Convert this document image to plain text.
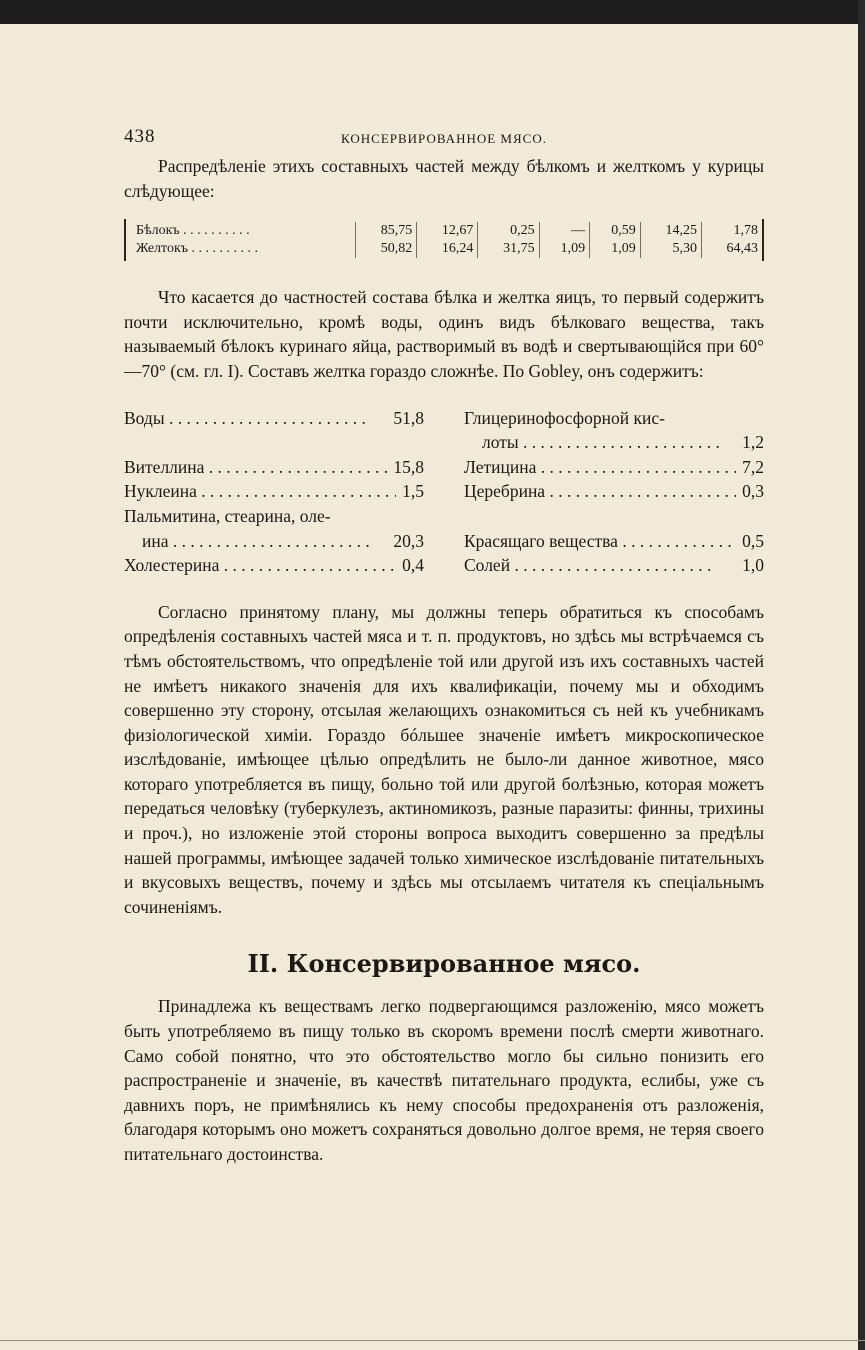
438	КОНСЕРВИРОВАННОЕ МЯСО.

Распредѣленіе этихъ составныхъ частей между бѣлкомъ и желткомъ у курицы слѣдующее:

Бѣлокъ . . .	85,75	12,67	0,25	—	0,59	14,25	1,78
Желтокъ . . .	50,82	16,24	31,75	1,09	1,09	5,30	64,43

Что касается до частностей состава бѣлка и желтка яицъ, то первый содержитъ почти исключительно, кромѣ воды, одинъ видъ бѣлковаго вещества, такъ называемый бѣлокъ куринаго яйца, растворимый въ водѣ и свертывающійся при 60°—70° (см. гл. I). Составъ желтка гораздо сложнѣе. По Gobley, онъ содержитъ:

Воды . . .	51,8
Вителлина . . .	15,8
Нуклеина . . .	1,5
Пальмитина, стеарина, оле-
ина . . .	20,3
Холестерина . . .	0,4
Глицеринофосфорной кис-
лоты . . .	1,2
Летицина . . .	7,2
Церебрина . . .	0,3
Красящаго вещества . . .	0,5
Солей . . .	1,0

Согласно принятому плану, мы должны теперь обратиться къ способамъ опредѣленія составныхъ частей мяса и т. п. продуктовъ, но здѣсь мы встрѣчаемся съ тѣмъ обстоятельствомъ, что опредѣленіе той или другой изъ ихъ составныхъ частей не имѣетъ никакого значенія для ихъ квалификаціи, почему мы и обходимъ совершенно эту сторону, отсылая желающихъ ознакомиться съ ней къ учебникамъ физіологической химіи. Гораздо бóльшее значеніе имѣетъ микроскопическое изслѣдованіе, имѣющее цѣлью опредѣлить не было-ли данное животное, мясо котораго употребляется въ пищу, больно той или другой болѣзнью, которая можетъ передаться человѣку (туберкулезъ, актиномикозъ, разные паразиты: финны, трихины и проч.), но изложеніе этой стороны вопроса выходитъ совершенно за предѣлы нашей программы, имѣющее задачей только химическое изслѣдованіе питательныхъ и вкусовыхъ веществъ, почему и здѣсь мы отсылаемъ читателя къ спеціальнымъ сочиненіямъ.

II. Консервированное мясо.

Принадлежа къ веществамъ легко подвергающимся разложенію, мясо можетъ быть употребляемо въ пищу только въ скоромъ времени послѣ смерти животнаго. Само собой понятно, что это обстоятельство могло бы сильно понизить его распространеніе и значеніе, въ качествѣ питательнаго продукта, еслибы, уже съ давнихъ поръ, не примѣнялись къ нему способы предохраненія отъ разложенія, благодаря которымъ оно можетъ сохраняться довольно долгое время, не теряя своего питательнаго достоинства.
